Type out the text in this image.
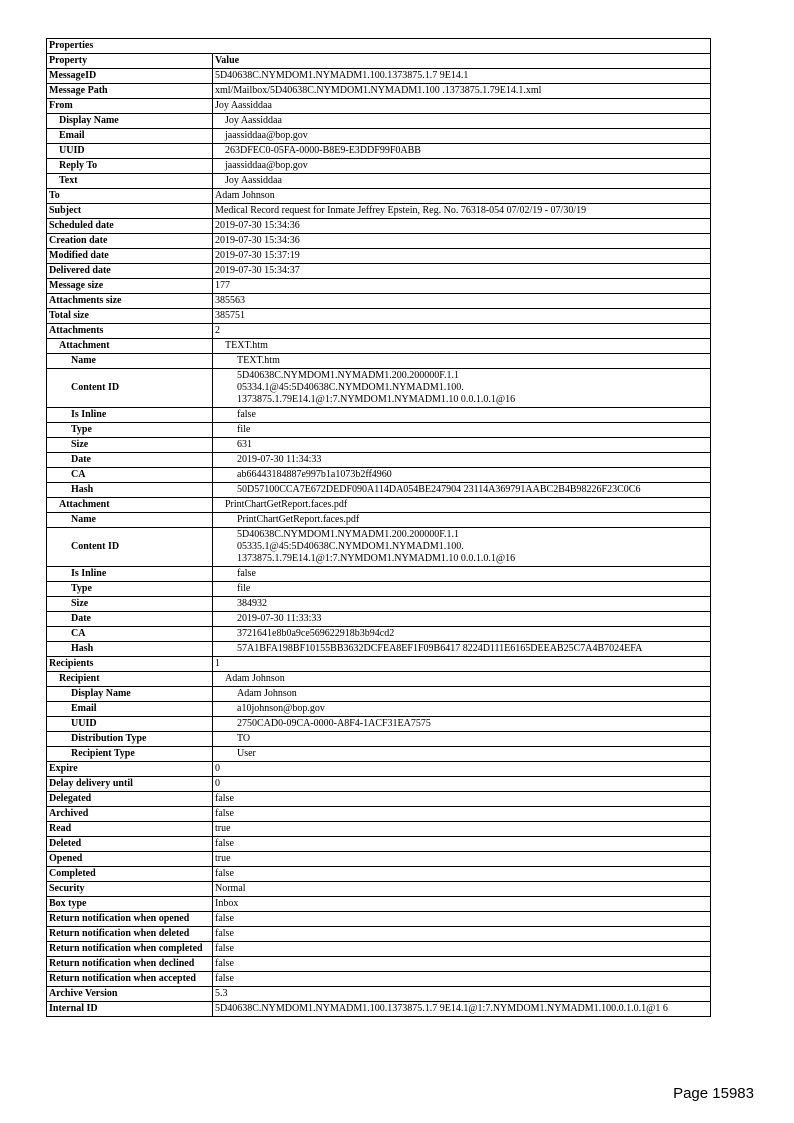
Properties	
Property	Value
MessageID	5D40638C.NYMDOM1.NYMADM1.100.1373875.1.7 9E14.1
Message Path	xml/Mailbox/5D40638C.NYMDOM1.NYMADM1.100 .1373875.1.79E14.1.xml
From	Joy Aassiddaa
Display Name	Joy Aassiddaa
Email	jaassiddaa@bop.gov
UUID	263DFEC0-05FA-0000-B8E9-E3DDF99F0ABB
Reply To	jaassiddaa@bop.gov
Text	Joy Aassiddaa
To	Adam Johnson
Subject	Medical Record request for Inmate Jeffrey Epstein, Reg. No. 76318-054 07/02/19 - 07/30/19
Scheduled date	2019-07-30 15:34:36
Creation date	2019-07-30 15:34:36
Modified date	2019-07-30 15:37:19
Delivered date	2019-07-30 15:34:37
Message size	177
Attachments size	385563
Total size	385751
Attachments	2
Attachment	TEXT.htm
Name	TEXT.htm
Content ID	5D40638C.NYMDOM1.NYMADM1.200.200000F.1.1
05334.1@45:5D40638C.NYMDOM1.NYMADM1.100.
1373875.1.79E14.1@1:7.NYMDOM1.NYMADM1.10 0.0.1.0.1@16
Is Inline	false
Type	file
Size	631
Date	2019-07-30 11:34:33
CA	ab66443184887e997b1a1073b2ff4960
Hash	50D57100CCA7E672DEDF090A114DA054BE247904 23114A369791AABC2B4B98226F23C0C6
Attachment	PrintChartGetReport.faces.pdf
Name	PrintChartGetReport.faces.pdf
Content ID	5D40638C.NYMDOM1.NYMADM1.200.200000F.1.1
05335.1@45:5D40638C.NYMDOM1.NYMADM1.100.
1373875.1.79E14.1@1:7.NYMDOM1.NYMADM1.10 0.0.1.0.1@16
Is Inline	false
Type	file
Size	384932
Date	2019-07-30 11:33:33
CA	3721641e8b0a9ce569622918b3b94cd2
Hash	57A1BFA198BF10155BB3632DCFEA8EF1F09B6417 8224D111E6165DEEAB25C7A4B7024EFA
Recipients	1
Recipient	Adam Johnson
Display Name	Adam Johnson
Email	a10johnson@bop.gov
UUID	2750CAD0-09CA-0000-A8F4-1ACF31EA7575
Distribution Type	TO
Recipient Type	User
Expire	0
Delay delivery until	0
Delegated	false
Archived	false
Read	true
Deleted	false
Opened	true
Completed	false
Security	Normal
Box type	Inbox
Return notification when opened	false
Return notification when deleted	false
Return notification when completed	false
Return notification when declined	false
Return notification when accepted	false
Archive Version	5.3
Internal ID	5D40638C.NYMDOM1.NYMADM1.100.1373875.1.7 9E14.1@1:7.NYMDOM1.NYMADM1.100.0.1.0.1@1 6
Page 15983
